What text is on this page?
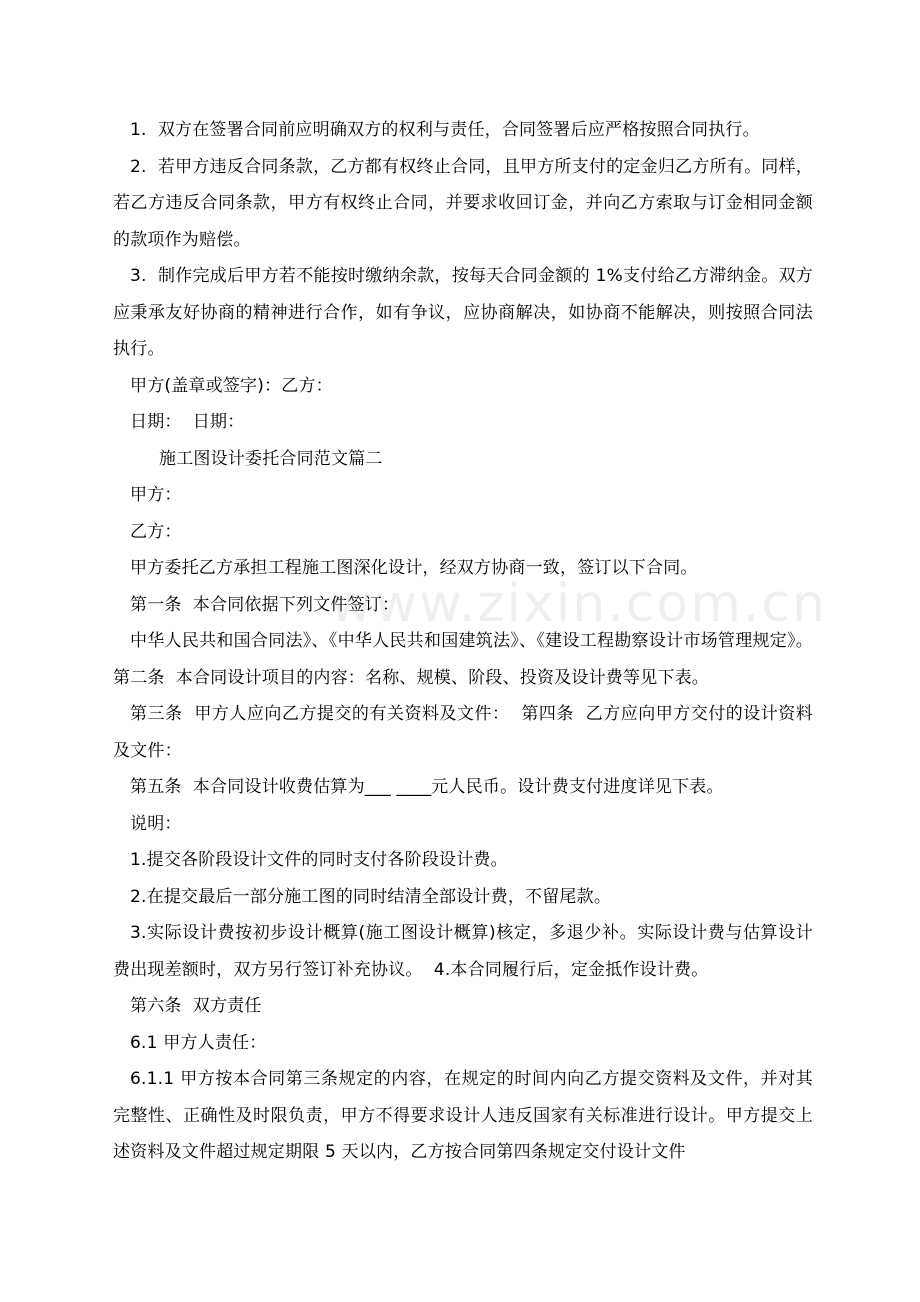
www.zixin.com.cn

1.  双方在签署合同前应明确双方的权利与责任，合同签署后应严格按照合同执行。

2.  若甲方违反合同条款，乙方都有权终止合同，且甲方所支付的定金归乙方所有。同样，若乙方违反合同条款，甲方有权终止合同，并要求收回订金，并向乙方索取与订金相同金额的款项作为赔偿。

3.  制作完成后甲方若不能按时缴纳余款，按每天合同金额的 1%支付给乙方滞纳金。双方应秉承友好协商的精神进行合作，如有争议，应协商解决，如协商不能解决，则按照合同法执行。

甲方(盖章或签字)：乙方：

日期：  日期：

施工图设计委托合同范文篇二

甲方：

乙方：

甲方委托乙方承担工程施工图深化设计，经双方协商一致，签订以下合同。

第一条  本合同依据下列文件签订：

中华人民共和国合同法》、《中华人民共和国建筑法》、《建设工程勘察设计市场管理规定》。 第二条  本合同设计项目的内容：名称、规模、阶段、投资及设计费等见下表。

第三条  甲方人应向乙方提交的有关资料及文件：  第四条  乙方应向甲方交付的设计资料及文件：

第五条  本合同设计收费估算为___ ____元人民币。设计费支付进度详见下表。

说明：

1.提交各阶段设计文件的同时支付各阶段设计费。

2.在提交最后一部分施工图的同时结清全部设计费，不留尾款。

3.实际设计费按初步设计概算(施工图设计概算)核定，多退少补。实际设计费与估算设计费出现差额时，双方另行签订补充协议。  4.本合同履行后，定金抵作设计费。

第六条  双方责任

6.1 甲方人责任：

6.1.1 甲方按本合同第三条规定的内容，在规定的时间内向乙方提交资料及文件，并对其完整性、正确性及时限负责，甲方不得要求设计人违反国家有关标准进行设计。甲方提交上述资料及文件超过规定期限 5 天以内，乙方按合同第四条规定交付设计文件
